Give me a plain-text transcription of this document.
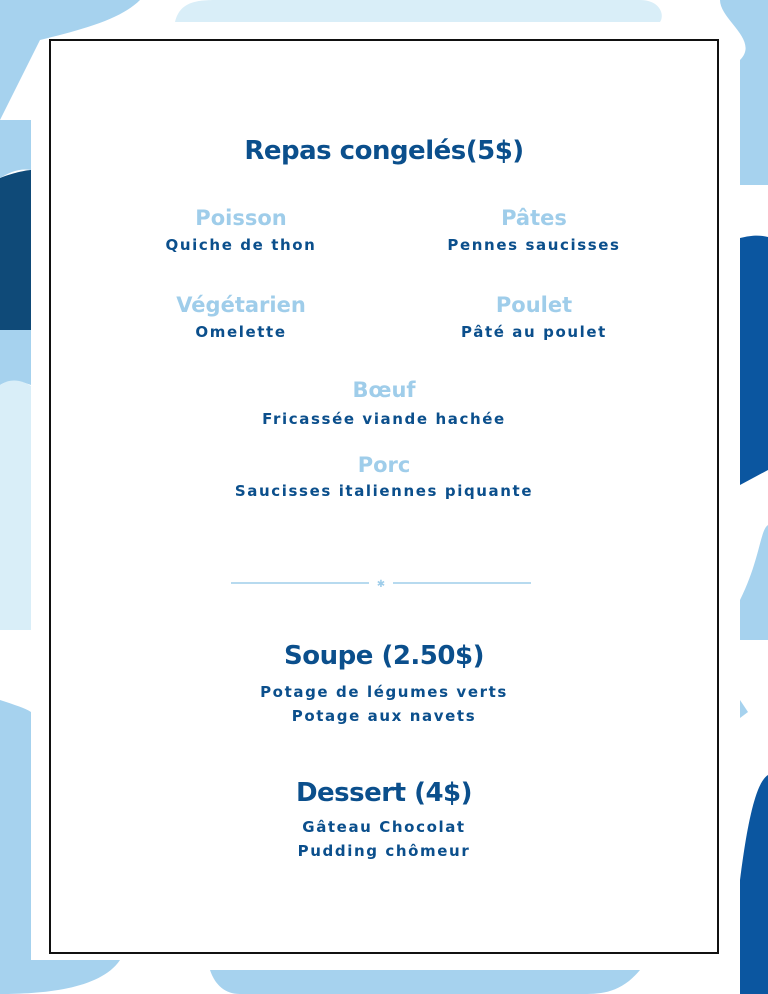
Repas congelés(5$)
Poisson
Quiche de thon
Pâtes
Pennes saucisses
Végétarien
Omelette
Poulet
Pâté au poulet
Bœuf
Fricassée viande hachée
Porc
Saucisses italiennes piquante
✱
Soupe (2.50$)
Potage de légumes verts
Potage aux navets
Dessert (4$)
Gâteau Chocolat
Pudding chômeur
